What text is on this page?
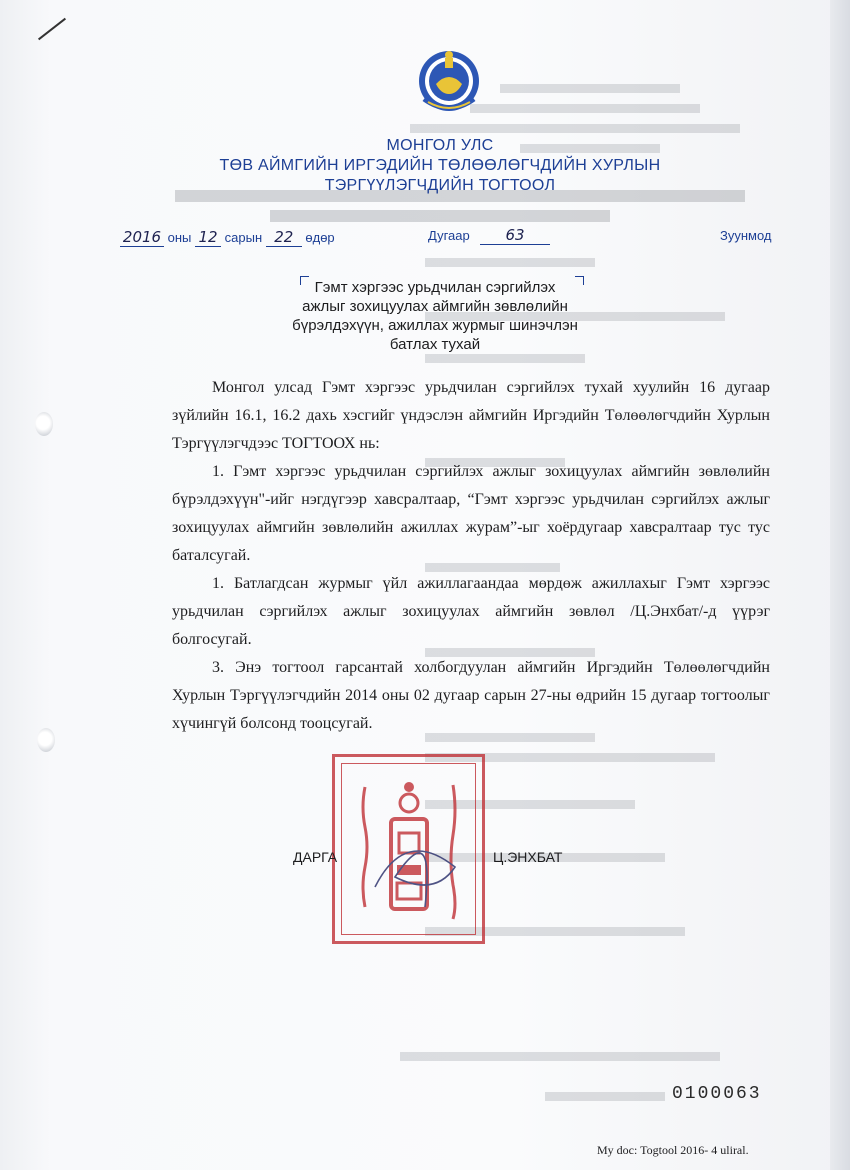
МОНГОЛ УЛС
ТӨВ АЙМГИЙН ИРГЭДИЙН ТӨЛӨӨЛӨГЧДИЙН ХУРЛЫН
ТЭРГҮҮЛЭГЧДИЙН ТОГТООЛ
2016 оны 12 сарын 22 өдөр	Дугаар	63	Зуунмод
Гэмт хэргээс урьдчилан сэргийлэх
ажлыг зохицуулах аймгийн зөвлөлийн
бүрэлдэхүүн, ажиллах журмыг шинэчлэн
батлах тухай

Монгол улсад Гэмт хэргээс урьдчилан сэргийлэх тухай хуулийн 16 дугаар зүйлийн 16.1, 16.2 дахь хэсгийг үндэслэн аймгийн Иргэдийн Төлөөлөгчдийн Хурлын Тэргүүлэгчдээс ТОГТООХ нь:

1. Гэмт хэргээс урьдчилан сэргийлэх ажлыг зохицуулах аймгийн зөвлөлийн бүрэлдэхүүн"-ийг нэгдүгээр хавсралтаар, “Гэмт хэргээс урьдчилан сэргийлэх ажлыг зохицуулах аймгийн зөвлөлийн ажиллах журам”-ыг хоёрдугаар хавсралтаар тус тус баталсугай.

1. Батлагдсан журмыг үйл ажиллагаандаа мөрдөж ажиллахыг Гэмт хэргээс урьдчилан сэргийлэх ажлыг зохицуулах аймгийн зөвлөл /Ц.Энхбат/-д үүрэг болгосугай.

3. Энэ тогтоол гарсантай холбогдуулан аймгийн Иргэдийн Төлөөлөгчдийн Хурлын Тэргүүлэгчдийн 2014 оны 02 дугаар сарын 27-ны өдрийн 15 дугаар тогтоолыг хүчингүй болсонд тооцсугай.

ДАРГА	Ц.ЭНХБАТ
0100063
My doc: Togtool 2016- 4 uliral.
